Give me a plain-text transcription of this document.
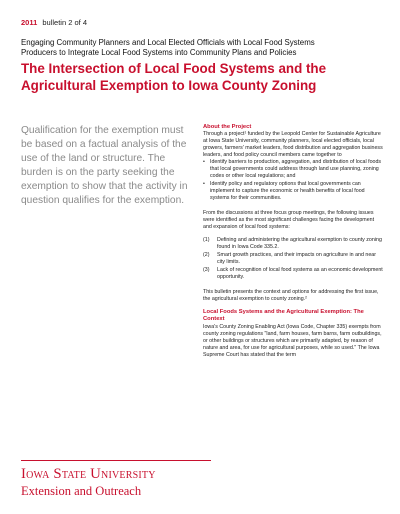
2011 bulletin 2 of 4
Engaging Community Planners and Local Elected Officials with Local Food Systems
Producers to Integrate Local Food Systems into Community Plans and Policies
The Intersection of Local Food Systems and the
Agricultural Exemption to Iowa County Zoning
Qualification for the exemption must be based on a factual analysis of the use of the land or structure. The burden is on the party seeking the exemption to show that the activity in question qualifies for the exemption.
About the Project

Through a project¹ funded by the Leopold Center for Sustainable Agriculture at Iowa State University, community planners, local elected officials, local growers, farmers' market leaders, food distribution and aggregation business leaders, and food policy council members came together to

• Identify barriers to production, aggregation, and distribution of local foods that local governments could address through land use planning, zoning codes or other local regulations; and
• Identify policy and regulatory options that local governments can implement to capture the economic or health benefits of local food systems for their communities.

From the discussions at three focus group meetings, the following issues were identified as the most significant challenges facing the development and expansion of local food systems:

(1) Defining and administering the agricultural exemption to county zoning found in Iowa Code 335.2.
(2) Smart growth practices, and their impacts on agriculture in and near city limits.
(3) Lack of recognition of local food systems as an economic development opportunity.

This bulletin presents the context and options for addressing the first issue, the agricultural exemption to county zoning.²

Local Foods Systems and the Agricultural Exemption: The Context

Iowa's County Zoning Enabling Act (Iowa Code, Chapter 335) exempts from county zoning regulations "land, farm houses, farm barns, farm outbuildings, or other buildings or structures which are primarily adapted, by reason of nature and area, for use for agricultural purposes, while so used." The Iowa Supreme Court has stated that the term

Iowa State University
Extension and Outreach
